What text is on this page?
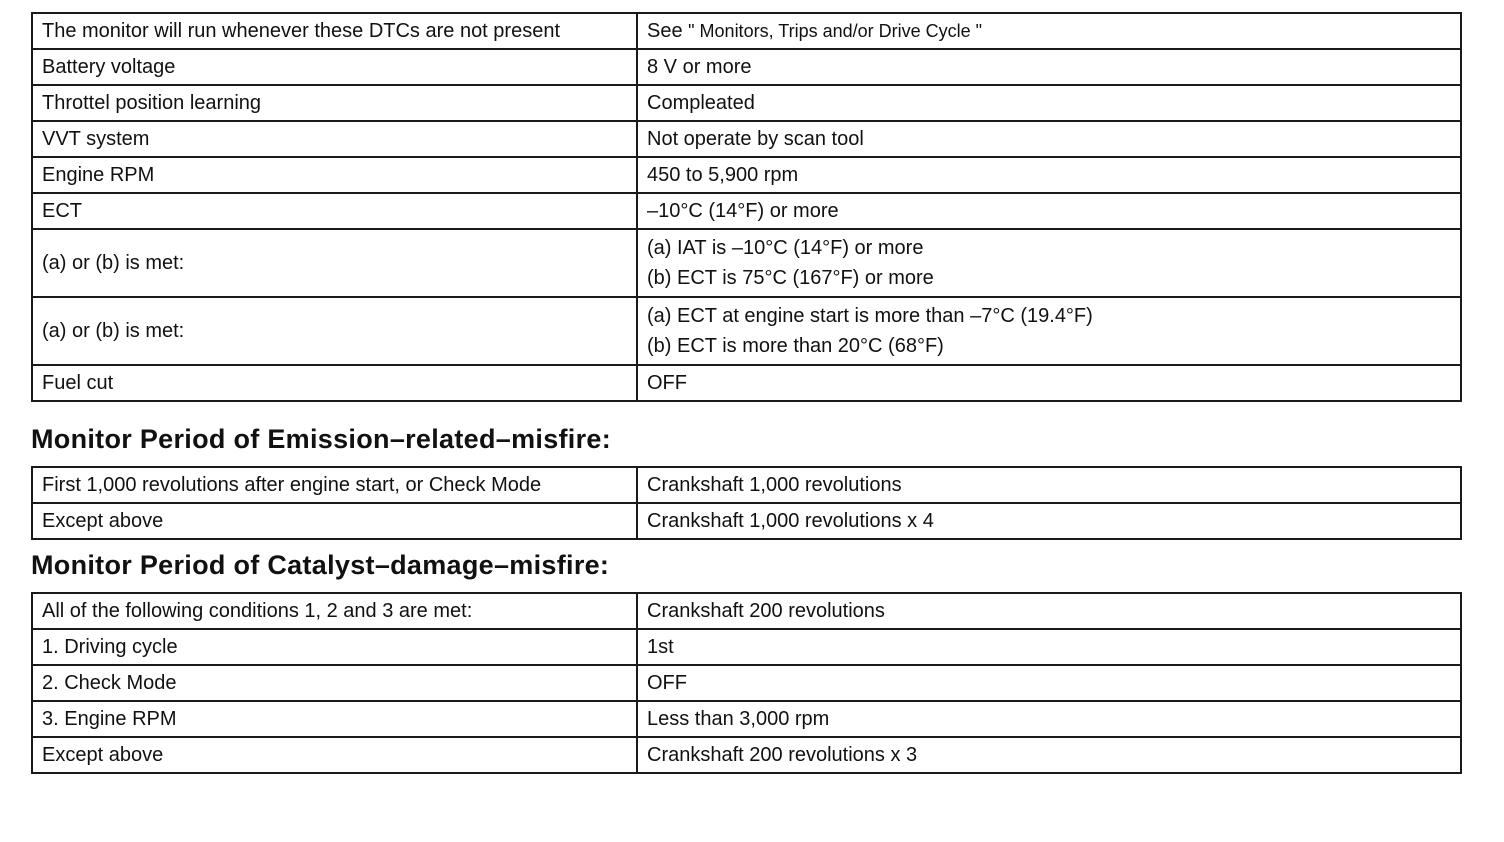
The monitor will run whenever these DTCs are not present	See " Monitors, Trips and/or Drive Cycle "
Battery voltage	8 V or more
Throttel position learning	Compleated
VVT system	Not operate by scan tool
Engine RPM	450 to 5,900 rpm
ECT	–10°C (14°F) or more
(a) or (b) is met:	(a) IAT is –10°C (14°F) or more
(b) ECT is 75°C (167°F) or more

(a) or (b) is met:	(a) ECT at engine start is more than –7°C (19.4°F)
(b) ECT is more than 20°C (68°F)

Fuel cut	OFF
Monitor Period of Emission–related–misfire:
First 1,000 revolutions after engine start, or Check Mode	Crankshaft 1,000 revolutions
Except above	Crankshaft 1,000 revolutions x 4
Monitor Period of Catalyst–damage–misfire:
All of the following conditions 1, 2 and 3 are met:	Crankshaft 200 revolutions
1. Driving cycle	1st
2. Check Mode	OFF
3. Engine RPM	Less than 3,000 rpm
Except above	Crankshaft 200 revolutions x 3
